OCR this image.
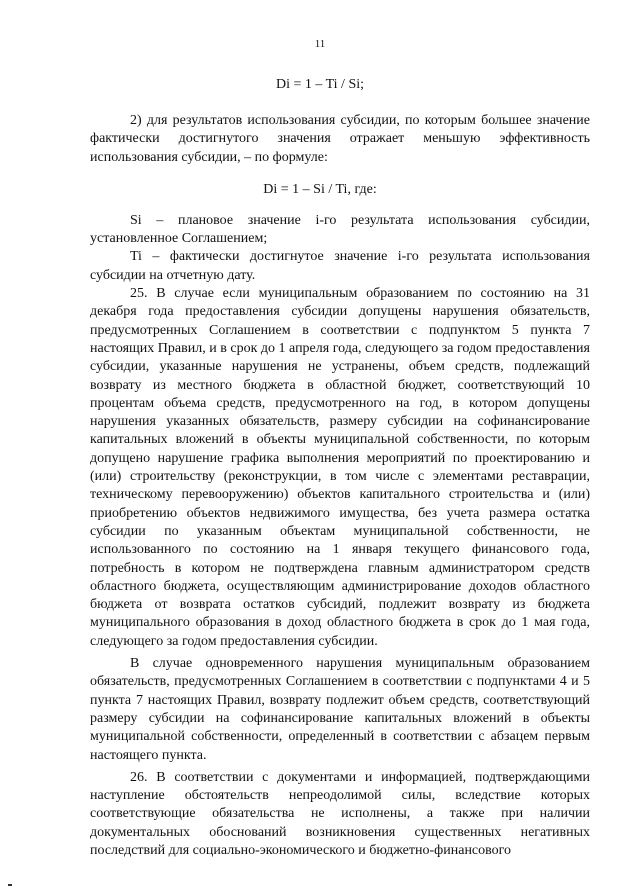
11
Di = 1 – Ti / Si;

2) для результатов использования субсидии, по которым большее значение фактически достигнутого значения отражает меньшую эффективность использования субсидии, – по формуле:

Si – плановое значение i-го результата использования субсидии, установленное Соглашением;

Ti – фактически достигнутое значение i-го результата использования субсидии на отчетную дату.

25. В случае если муниципальным образованием по состоянию на 31 декабря года предоставления субсидии допущены нарушения обязательств, предусмотренных Соглашением в соответствии с подпунктом 5 пункта 7 настоящих Правил, и в срок до 1 апреля года, следующего за годом предоставления субсидии, указанные нарушения не устранены, объем средств, подлежащий возврату из местного бюджета в областной бюджет, соответствующий 10 процентам объема средств, предусмотренного на год, в котором допущены нарушения указанных обязательств, размеру субсидии на софинансирование капитальных вложений в объекты муниципальной собственности, по которым допущено нарушение графика выполнения мероприятий по проектированию и (или) строительству (реконструкции, в том числе с элементами реставрации, техническому перевооружению) объектов капитального строительства и (или) приобретению объектов недвижимого имущества, без учета размера остатка субсидии по указанным объектам муниципальной собственности, не использованного по состоянию на 1 января текущего финансового года, потребность в котором не подтверждена главным администратором средств областного бюджета, осуществляющим администрирование доходов областного бюджета от возврата остатков субсидий, подлежит возврату из бюджета муниципального образования в доход областного бюджета в срок до 1 мая года, следующего за годом предоставления субсидии.

В случае одновременного нарушения муниципальным образованием обязательств, предусмотренных Соглашением в соответствии с подпунктами 4 и 5 пункта 7 настоящих Правил, возврату подлежит объем средств, соответствующий размеру субсидии на софинансирование капитальных вложений в объекты муниципальной собственности, определенный в соответствии с абзацем первым настоящего пункта.

26. В соответствии с документами и информацией, подтверждающими наступление обстоятельств непреодолимой силы, вследствие которых соответствующие обязательства не исполнены, а также при наличии документальных обоснований возникновения существенных негативных последствий для социально-экономического и бюджетно-финансового

Di = 1 – Si / Ti, где:
